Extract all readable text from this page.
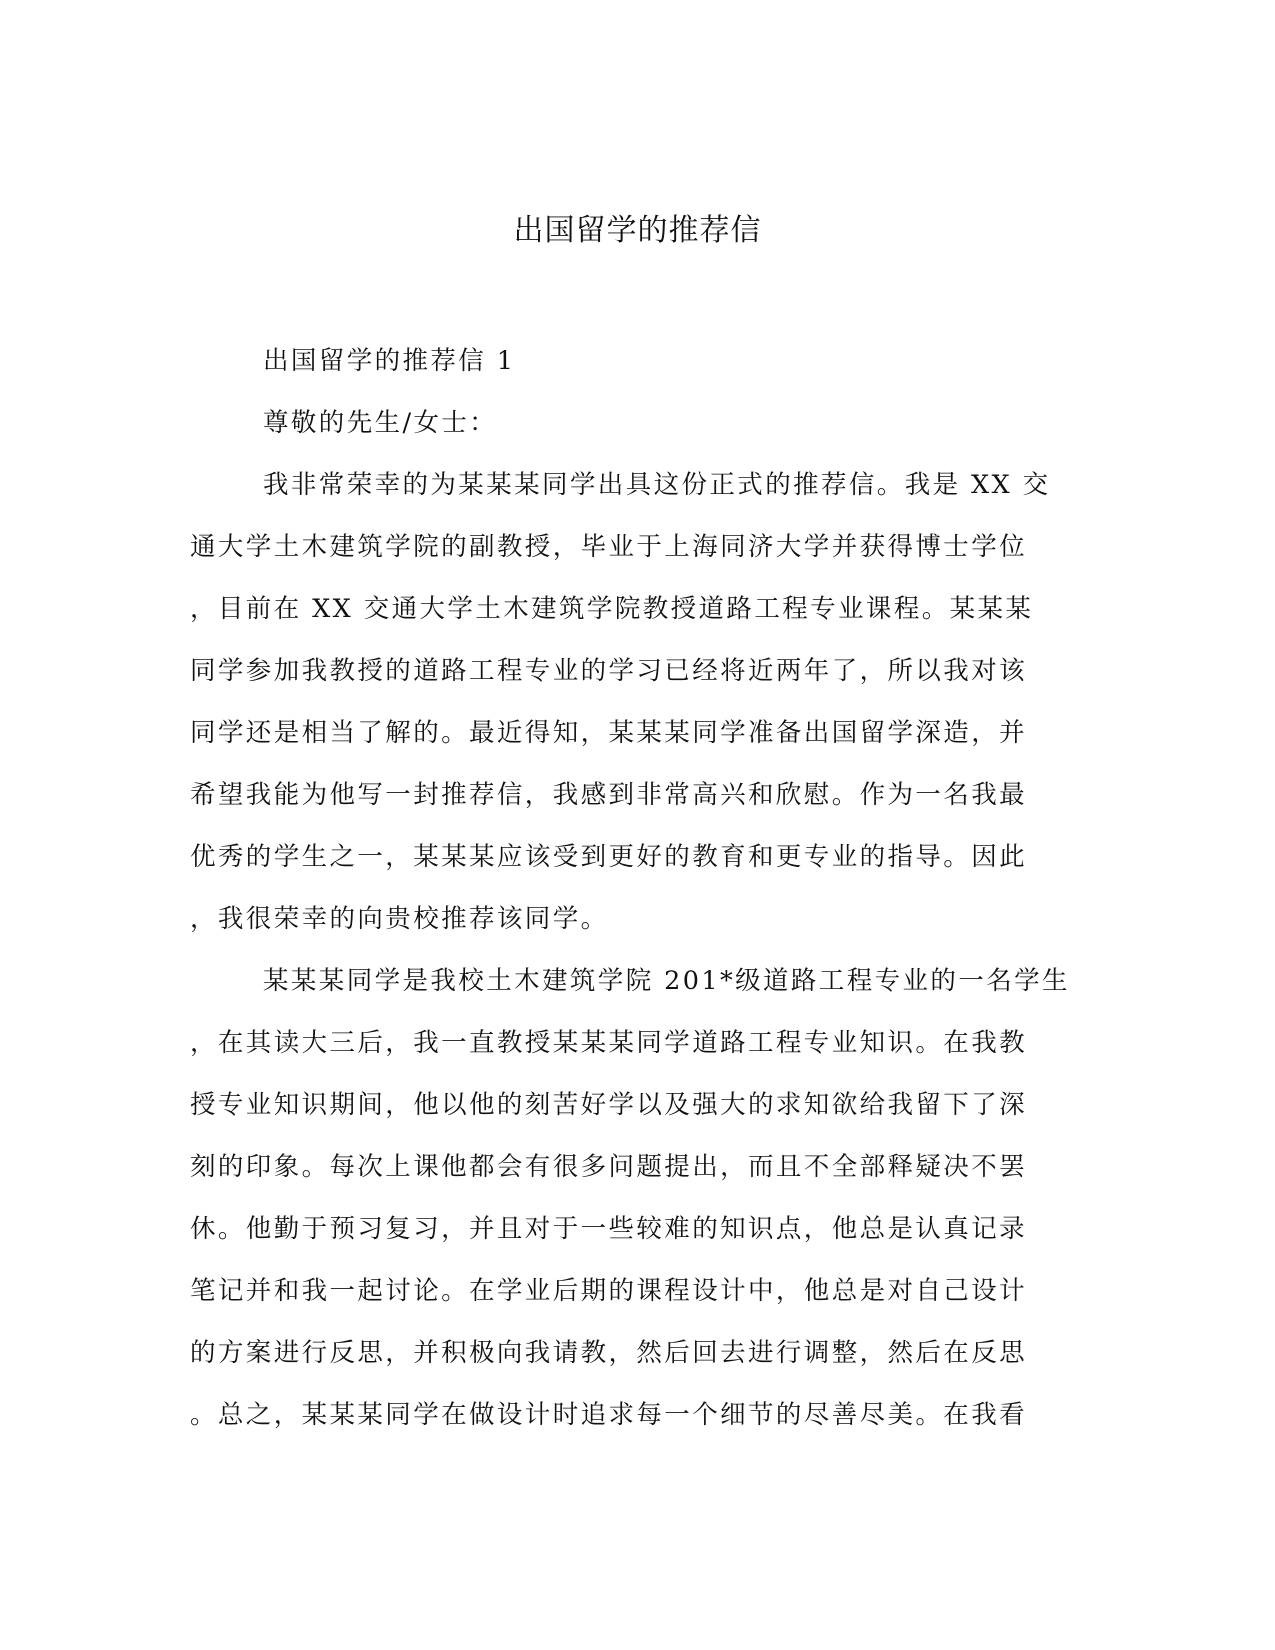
出国留学的推荐信
出国留学的推荐信 1
尊敬的先生/女士：
我非常荣幸的为某某某同学出具这份正式的推荐信。我是 XX 交
通大学土木建筑学院的副教授，毕业于上海同济大学并获得博士学位
，目前在 XX 交通大学土木建筑学院教授道路工程专业课程。某某某
同学参加我教授的道路工程专业的学习已经将近两年了，所以我对该
同学还是相当了解的。最近得知，某某某同学准备出国留学深造，并
希望我能为他写一封推荐信，我感到非常高兴和欣慰。作为一名我最
优秀的学生之一，某某某应该受到更好的教育和更专业的指导。因此
，我很荣幸的向贵校推荐该同学。
某某某同学是我校土木建筑学院 201*级道路工程专业的一名学生
，在其读大三后，我一直教授某某某同学道路工程专业知识。在我教
授专业知识期间，他以他的刻苦好学以及强大的求知欲给我留下了深
刻的印象。每次上课他都会有很多问题提出，而且不全部释疑决不罢
休。他勤于预习复习，并且对于一些较难的知识点，他总是认真记录
笔记并和我一起讨论。在学业后期的课程设计中，他总是对自己设计
的方案进行反思，并积极向我请教，然后回去进行调整，然后在反思
。总之，某某某同学在做设计时追求每一个细节的尽善尽美。在我看
